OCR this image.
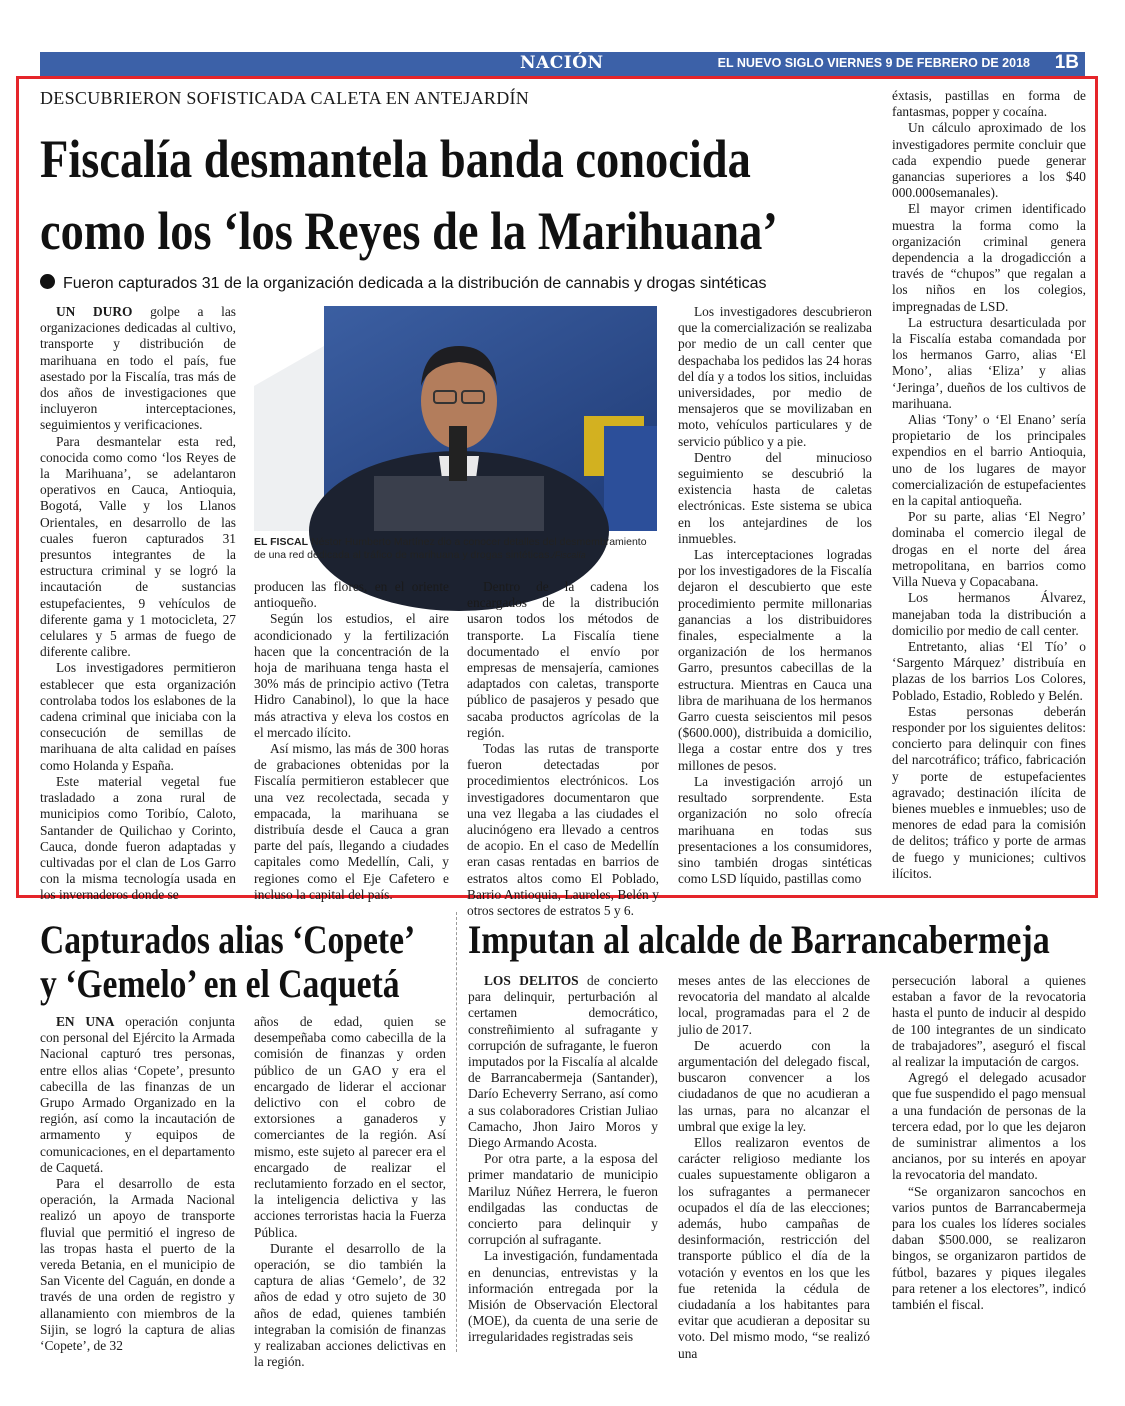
NACIÓN	EL NUEVO SIGLO VIERNES 9 DE FEBRERO DE 2018 1B
DESCUBRIERON SOFISTICADA CALETA EN ANTEJARDÍN
Fiscalía desmantela banda conocida
como los ‘los Reyes de la Marihuana’
Fueron capturados 31 de la organización dedicada a la distribución de cannabis y drogas sintéticas

UN DURO golpe a las organizaciones dedicadas al cultivo, transporte y distribución de marihuana en todo el país, fue asestado por la Fiscalía, tras más de dos años de investigaciones que incluyeron interceptaciones, seguimientos y verificaciones.

Para desmantelar esta red, conocida como como ‘los Reyes de la Marihuana’, se adelantaron operativos en Cauca, Antioquia, Bogotá, Valle y los Llanos Orientales, en desarrollo de las cuales fueron capturados 31 presuntos integrantes de la estructura criminal y se logró la incautación de sustancias estupefacientes, 9 vehículos de diferente gama y 1 motocicleta, 27 celulares y 5 armas de fuego de diferente calibre.

Los investigadores permitieron establecer que esta organización controlaba todos los eslabones de la cadena criminal que iniciaba con la consecución de semillas de marihuana de alta calidad en países como Holanda y España.

Este material vegetal fue trasladado a zona rural de municipios como Toribío, Caloto, Santander de Quilichao y Corinto, Cauca, donde fueron adaptadas y cultivadas por el clan de Los Garro con la misma tecnología usada en los invernaderos donde se

EL FISCAL Néstor Humberto Martínez dio a conocer detalles del desmembramiento de una red dedicada al tráfico de marihuana y drogas sintéticas./Fiscalía

producen las flores, en el oriente antioqueño.

Según los estudios, el aire acondicionado y la fertilización hacen que la concentración de la hoja de marihuana tenga hasta el 30% más de principio activo (Tetra Hidro Canabinol), lo que la hace más atractiva y eleva los costos en el mercado ilícito.

Así mismo, las más de 300 horas de grabaciones obtenidas por la Fiscalía permitieron establecer que una vez recolectada, secada y empacada, la marihuana se distribuía desde el Cauca a gran parte del país, llegando a ciudades capitales como Medellín, Cali, y regiones como el Eje Cafetero e incluso la capital del país.

Dentro de la cadena los encargados de la distribución usaron todos los métodos de transporte. La Fiscalía tiene documentado el envío por empresas de mensajería, camiones adaptados con caletas, transporte público de pasajeros y pesado que sacaba productos agrícolas de la región.

Todas las rutas de transporte fueron detectadas por procedimientos electrónicos. Los investigadores documentaron que una vez llegaba a las ciudades el alucinógeno era llevado a centros de acopio. En el caso de Medellín eran casas rentadas en barrios de estratos altos como El Poblado, Barrio Antioquia, Laureles, Belén y otros sectores de estratos 5 y 6.

Los investigadores descubrieron que la comercialización se realizaba por medio de un call center que despachaba los pedidos las 24 horas del día y a todos los sitios, incluidas universidades, por medio de mensajeros que se movilizaban en moto, vehículos particulares y de servicio público y a pie.

Dentro del minucioso seguimiento se descubrió la existencia hasta de caletas electrónicas. Este sistema se ubica en los antejardines de los inmuebles.

Las interceptaciones logradas por los investigadores de la Fiscalía dejaron el descubierto que este procedimiento permite millonarias ganancias a los distribuidores finales, especialmente a la organización de los hermanos Garro, presuntos cabecillas de la estructura. Mientras en Cauca una libra de marihuana de los hermanos Garro cuesta seiscientos mil pesos ($600.000), distribuida a domicilio, llega a costar entre dos y tres millones de pesos.

La investigación arrojó un resultado sorprendente. Esta organización no solo ofrecía marihuana en todas sus presentaciones a los consumidores, sino también drogas sintéticas como LSD líquido, pastillas como

éxtasis, pastillas en forma de fantasmas, popper y cocaína.

Un cálculo aproximado de los investigadores permite concluir que cada expendio puede generar ganancias superiores a los $40 000.000semanales).

El mayor crimen identificado muestra la forma como la organización criminal genera dependencia a la drogadicción a través de “chupos” que regalan a los niños en los colegios, impregnadas de LSD.

La estructura desarticulada por la Fiscalía estaba comandada por los hermanos Garro, alias ‘El Mono’, alias ‘Eliza’ y alias ‘Jeringa’, dueños de los cultivos de marihuana.

Alias ‘Tony’ o ‘El Enano’ sería propietario de los principales expendios en el barrio Antioquia, uno de los lugares de mayor comercialización de estupefacientes en la capital antioqueña.

Por su parte, alias ‘El Negro’ dominaba el comercio ilegal de drogas en el norte del área metropolitana, en barrios como Villa Nueva y Copacabana.

Los hermanos Álvarez, manejaban toda la distribución a domicilio por medio de call center.

Entretanto, alias ‘El Tío’ o ‘Sargento Márquez’ distribuía en plazas de los barrios Los Colores, Poblado, Estadio, Robledo y Belén.

Estas personas deberán responder por los siguientes delitos: concierto para delinquir con fines del narcotráfico; tráfico, fabricación y porte de estupefacientes agravado; destinación ilícita de bienes muebles e inmuebles; uso de menores de edad para la comisión de delitos; tráfico y porte de armas de fuego y municiones; cultivos ilícitos.

Capturados alias ‘Copete’
y ‘Gemelo’ en el Caquetá

EN UNA operación conjunta con personal del Ejército la Armada Nacional capturó tres personas, entre ellos alias ‘Copete’, presunto cabecilla de las finanzas de un Grupo Armado Organizado en la región, así como la incautación de armamento y equipos de comunicaciones, en el departamento de Caquetá.

Para el desarrollo de esta operación, la Armada Nacional realizó un apoyo de transporte fluvial que permitió el ingreso de las tropas hasta el puerto de la vereda Betania, en el municipio de San Vicente del Caguán, en donde a través de una orden de registro y allanamiento con miembros de la Sijin, se logró la captura de alias ‘Copete’, de 32

años de edad, quien se desempeñaba como cabecilla de la comisión de finanzas y orden público de un GAO y era el encargado de liderar el accionar delictivo con el cobro de extorsiones a ganaderos y comerciantes de la región. Así mismo, este sujeto al parecer era el encargado de realizar el reclutamiento forzado en el sector, la inteligencia delictiva y las acciones terroristas hacia la Fuerza Pública.

Durante el desarrollo de la operación, se dio también la captura de alias ‘Gemelo’, de 32 años de edad y otro sujeto de 30 años de edad, quienes también integraban la comisión de finanzas y realizaban acciones delictivas en la región.

Imputan al alcalde de Barrancabermeja

LOS DELITOS de concierto para delinquir, perturbación al certamen democrático, constreñimiento al sufragante y corrupción de sufragante, le fueron imputados por la Fiscalía al alcalde de Barrancabermeja (Santander), Darío Echeverry Serrano, así como a sus colaboradores Cristian Juliao Camacho, Jhon Jairo Moros y Diego Armando Acosta.

Por otra parte, a la esposa del primer mandatario de municipio Mariluz Núñez Herrera, le fueron endilgadas las conductas de concierto para delinquir y corrupción al sufragante.

La investigación, fundamentada en denuncias, entrevistas y la información entregada por la Misión de Observación Electoral (MOE), da cuenta de una serie de irregularidades registradas seis

meses antes de las elecciones de revocatoria del mandato al alcalde local, programadas para el 2 de julio de 2017.

De acuerdo con la argumentación del delegado fiscal, buscaron convencer a los ciudadanos de que no acudieran a las urnas, para no alcanzar el umbral que exige la ley.

Ellos realizaron eventos de carácter religioso mediante los cuales supuestamente obligaron a los sufragantes a permanecer ocupados el día de las elecciones; además, hubo campañas de desinformación, restricción del transporte público el día de la votación y eventos en los que les fue retenida la cédula de ciudadanía a los habitantes para evitar que acudieran a depositar su voto. Del mismo modo, “se realizó una

persecución laboral a quienes estaban a favor de la revocatoria hasta el punto de inducir al despido de 100 integrantes de un sindicato de trabajadores”, aseguró el fiscal al realizar la imputación de cargos.

Agregó el delegado acusador que fue suspendido el pago mensual a una fundación de personas de la tercera edad, por lo que les dejaron de suministrar alimentos a los ancianos, por su interés en apoyar la revocatoria del mandato.

“Se organizaron sancochos en varios puntos de Barrancabermeja para los cuales los líderes sociales daban $500.000, se realizaron bingos, se organizaron partidos de fútbol, bazares y piques ilegales para retener a los electores”, indicó también el fiscal.
